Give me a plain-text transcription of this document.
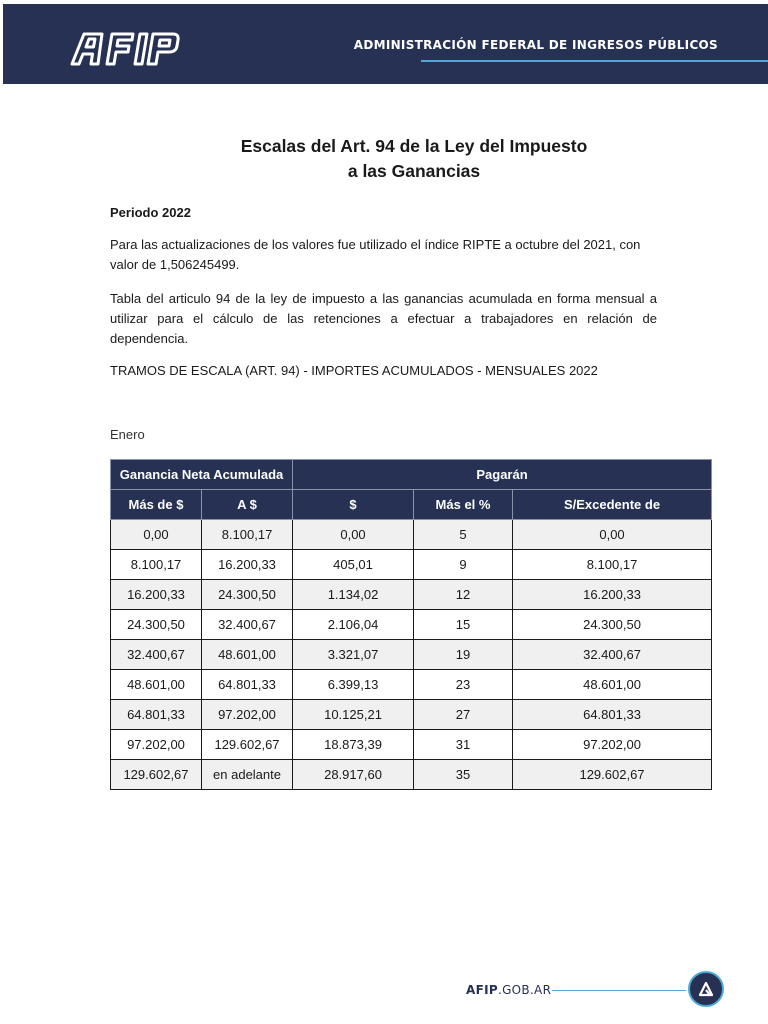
ADMINISTRACIÓN FEDERAL DE INGRESOS PÚBLICOS
Escalas del Art. 94 de la Ley del Impuesto
a las Ganancias
Periodo 2022
Para las actualizaciones de los valores fue utilizado el índice RIPTE a octubre del 2021, con valor de 1,506245499.
Tabla del articulo 94 de la ley de impuesto a las ganancias acumulada en forma mensual a utilizar para el cálculo de las retenciones a efectuar a trabajadores en relación de dependencia.
TRAMOS DE ESCALA (ART. 94) - IMPORTES ACUMULADOS - MENSUALES 2022
Enero
Ganancia Neta Acumulada		Pagarán		
Más de $	A $	$	Más el %	S/Excedente de
0,00	8.100,17	0,00	5	0,00
8.100,17	16.200,33	405,01	9	8.100,17
16.200,33	24.300,50	1.134,02	12	16.200,33
24.300,50	32.400,67	2.106,04	15	24.300,50
32.400,67	48.601,00	3.321,07	19	32.400,67
48.601,00	64.801,33	6.399,13	23	48.601,00
64.801,33	97.202,00	10.125,21	27	64.801,33
97.202,00	129.602,67	18.873,39	31	97.202,00
129.602,67	en adelante	28.917,60	35	129.602,67
AFIP.GOB.AR
